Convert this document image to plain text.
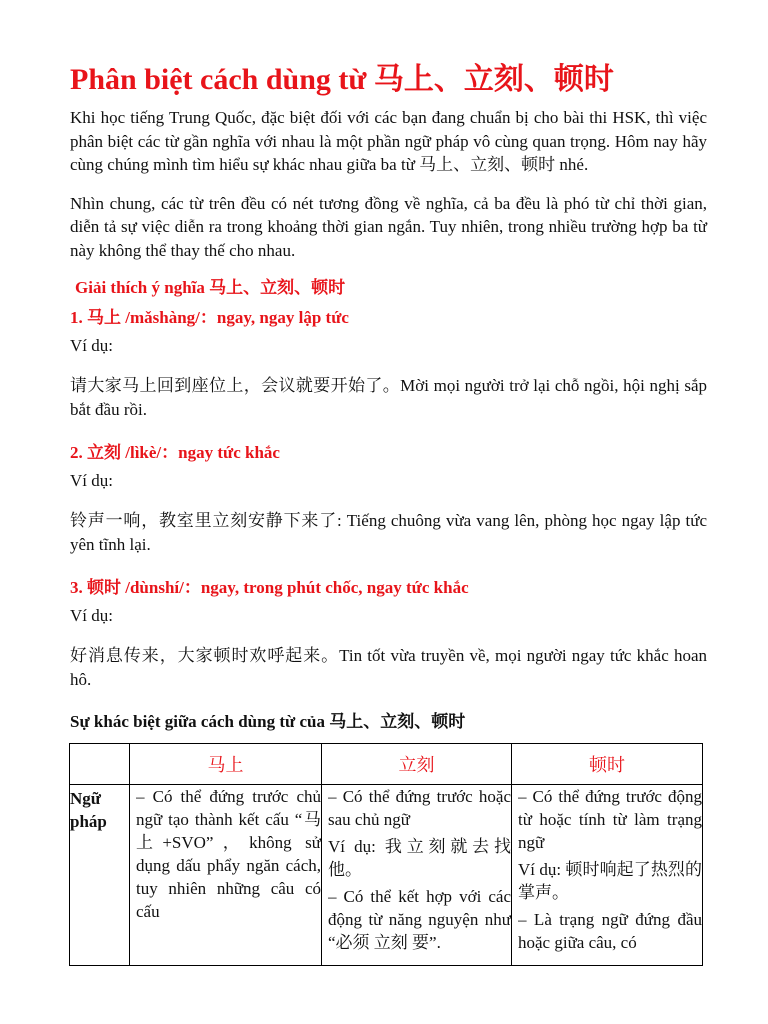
Phân biệt cách dùng từ 马上、立刻、顿时

Khi học tiếng Trung Quốc, đặc biệt đối với các bạn đang chuẩn bị cho bài thi HSK, thì việc phân biệt các từ gần nghĩa với nhau là một phần ngữ pháp vô cùng quan trọng. Hôm nay hãy cùng chúng mình tìm hiểu sự khác nhau giữa ba từ 马上、立刻、顿时 nhé.

Nhìn chung, các từ trên đều có nét tương đồng về nghĩa, cả ba đều là phó từ chỉ thời gian, diễn tả sự việc diễn ra trong khoảng thời gian ngắn. Tuy nhiên, trong nhiều trường hợp ba từ này không thể thay thế cho nhau.

Giải thích ý nghĩa 马上、立刻、顿时
1. 马上 /mǎshàng/：ngay, ngay lập tức
Ví dụ:

请大家马上回到座位上，会议就要开始了。Mời mọi người trở lại chỗ ngồi, hội nghị sắp bắt đầu rồi.

2. 立刻 /lìkè/：ngay tức khắc
Ví dụ:

铃声一响，教室里立刻安静下来了: Tiếng chuông vừa vang lên, phòng học ngay lập tức yên tĩnh lại.

3. 顿时 /dùnshí/：ngay, trong phút chốc, ngay tức khắc
Ví dụ:

好消息传来，大家顿时欢呼起来。Tin tốt vừa truyền về, mọi người ngay tức khắc hoan hô.

Sự khác biệt giữa cách dùng từ của 马上、立刻、顿时
	马上	立刻	顿时

Ngữ pháp	– Có thể đứng trước chủ ngữ tạo thành kết cấu “马上+SVO”，không sử dụng dấu phẩy ngăn cách, tuy nhiên những câu có cấu	– Có thể đứng trước hoặc sau chủ ngữ
Ví dụ: 我立刻就去找他。
– Có thể kết hợp với các động từ năng nguyện như “必须 立刻 要”.	– Có thể đứng trước động từ hoặc tính từ làm trạng ngữ
Ví dụ: 顿时响起了热烈的掌声。
– Là trạng ngữ đứng đầu hoặc giữa câu, có
